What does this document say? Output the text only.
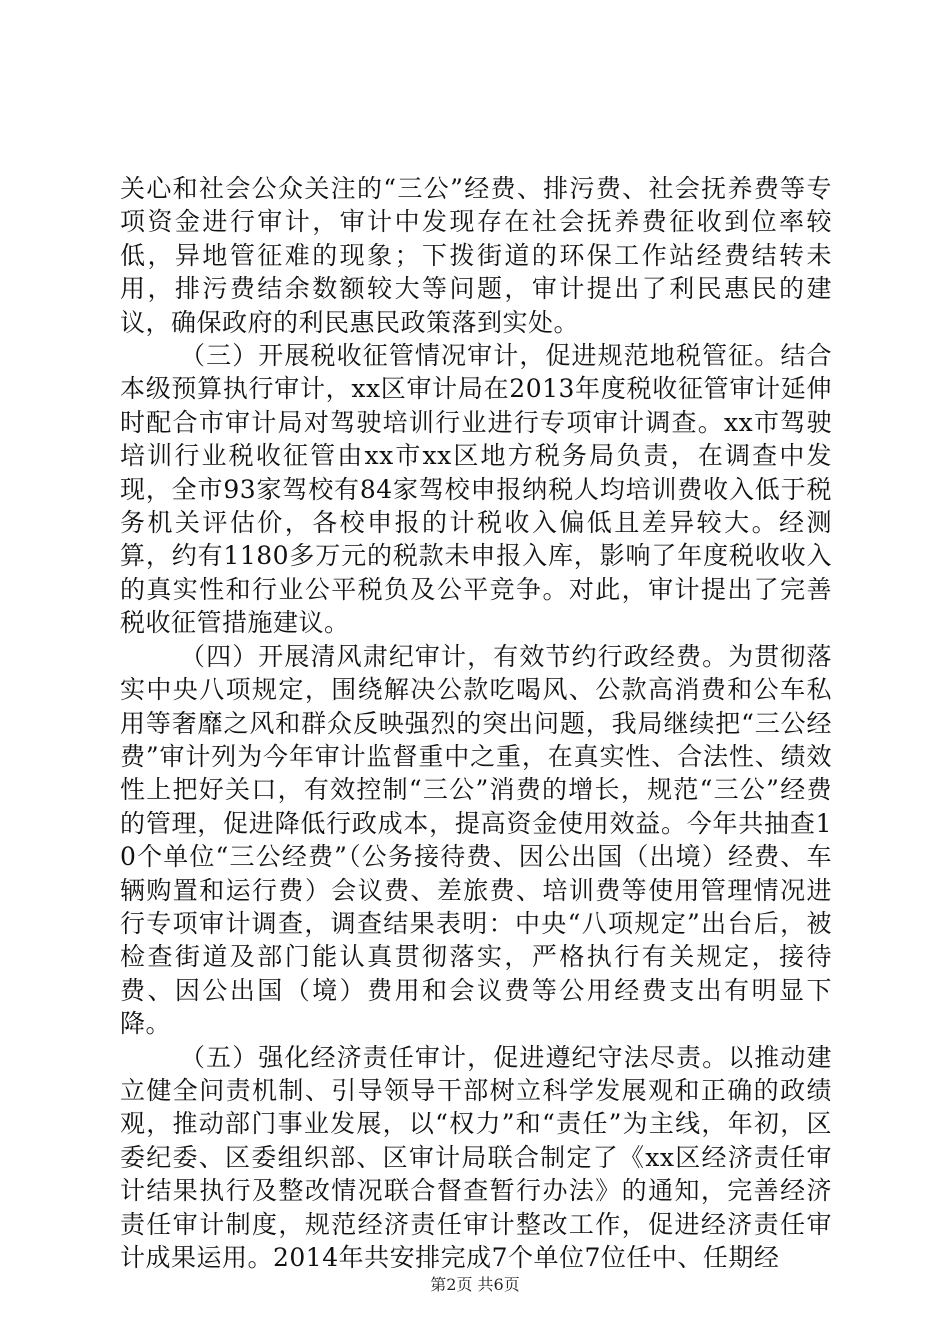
关心和社会公众关注的“三公”经费、排污费、社会抚养费等专项资金进行审计，审计中发现存在社会抚养费征收到位率较低，异地管征难的现象；下拨街道的环保工作站经费结转未用，排污费结余数额较大等问题，审计提出了利民惠民的建议，确保政府的利民惠民政策落到实处。

（三）开展税收征管情况审计，促进规范地税管征。结合本级预算执行审计，xx区审计局在2013年度税收征管审计延伸时配合市审计局对驾驶培训行业进行专项审计调查。xx市驾驶培训行业税收征管由xx市xx区地方税务局负责，在调查中发现，全市93家驾校有84家驾校申报纳税人均培训费收入低于税务机关评估价，各校申报的计税收入偏低且差异较大。经测算，约有1180多万元的税款未申报入库，影响了年度税收收入的真实性和行业公平税负及公平竞争。对此，审计提出了完善税收征管措施建议。

（四）开展清风肃纪审计，有效节约行政经费。为贯彻落实中央八项规定，围绕解决公款吃喝风、公款高消费和公车私用等奢靡之风和群众反映强烈的突出问题，我局继续把“三公经费”审计列为今年审计监督重中之重，在真实性、合法性、绩效性上把好关口，有效控制“三公”消费的增长，规范“三公”经费的管理，促进降低行政成本，提高资金使用效益。今年共抽查10个单位“三公经费”（公务接待费、因公出国（出境）经费、车辆购置和运行费）会议费、差旅费、培训费等使用管理情况进行专项审计调查，调查结果表明：中央“八项规定”出台后，被检查街道及部门能认真贯彻落实，严格执行有关规定，接待费、因公出国（境）费用和会议费等公用经费支出有明显下降。

（五）强化经济责任审计，促进遵纪守法尽责。以推动建立健全问责机制、引导领导干部树立科学发展观和正确的政绩观，推动部门事业发展，以“权力”和“责任”为主线，年初，区委纪委、区委组织部、区审计局联合制定了《xx区经济责任审计结果执行及整改情况联合督查暂行办法》的通知，完善经济责任审计制度，规范经济责任审计整改工作，促进经济责任审计成果运用。2014年共安排完成7个单位7位任中、任期经

第2页 共6页
